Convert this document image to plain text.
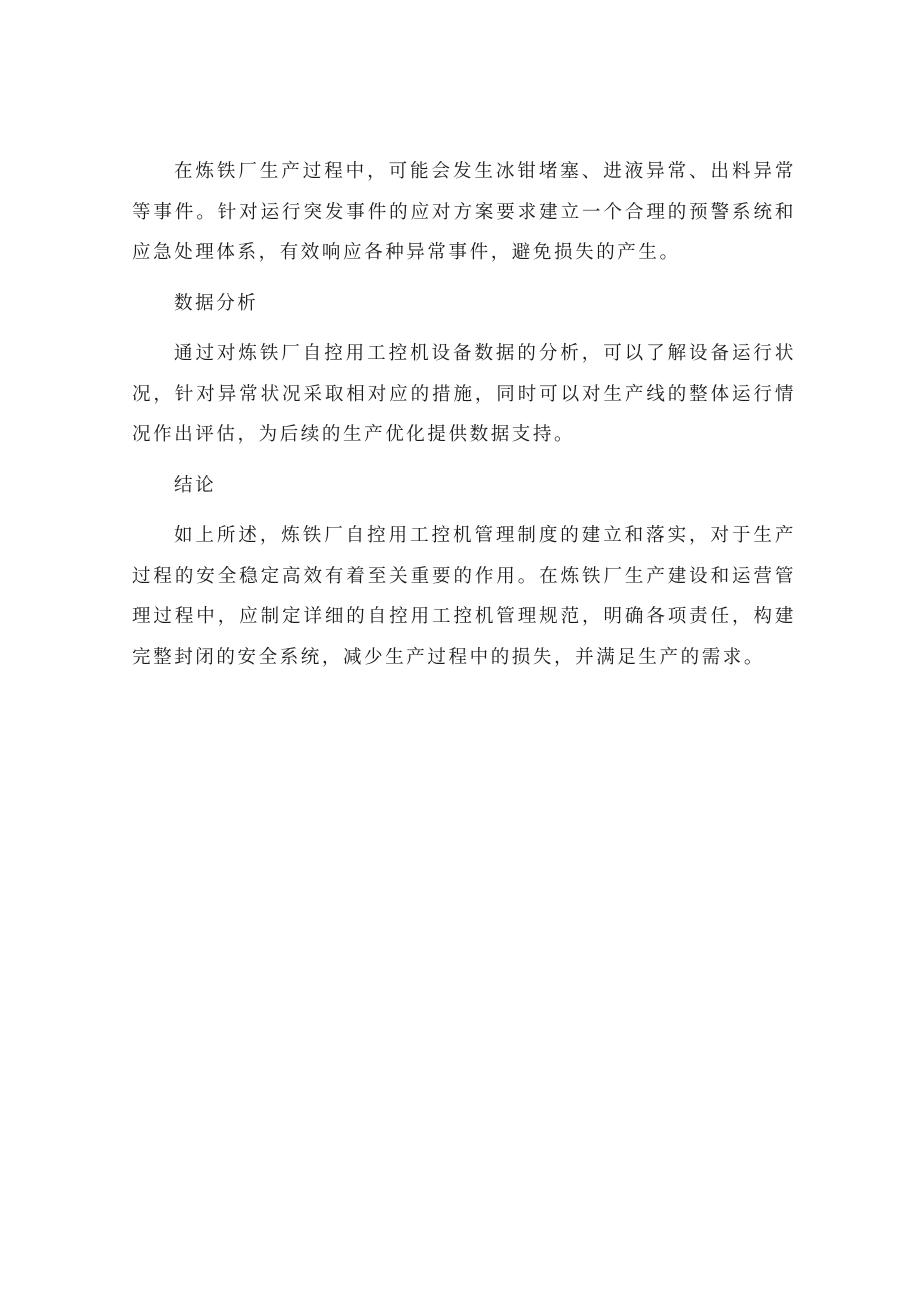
在炼铁厂生产过程中，可能会发生冰钳堵塞、进液异常、出料异常等事件。针对运行突发事件的应对方案要求建立一个合理的预警系统和应急处理体系，有效响应各种异常事件，避免损失的产生。

数据分析

通过对炼铁厂自控用工控机设备数据的分析，可以了解设备运行状况，针对异常状况采取相对应的措施，同时可以对生产线的整体运行情况作出评估，为后续的生产优化提供数据支持。

结论

如上所述，炼铁厂自控用工控机管理制度的建立和落实，对于生产过程的安全稳定高效有着至关重要的作用。在炼铁厂生产建设和运营管理过程中，应制定详细的自控用工控机管理规范，明确各项责任，构建完整封闭的安全系统，减少生产过程中的损失，并满足生产的需求。
